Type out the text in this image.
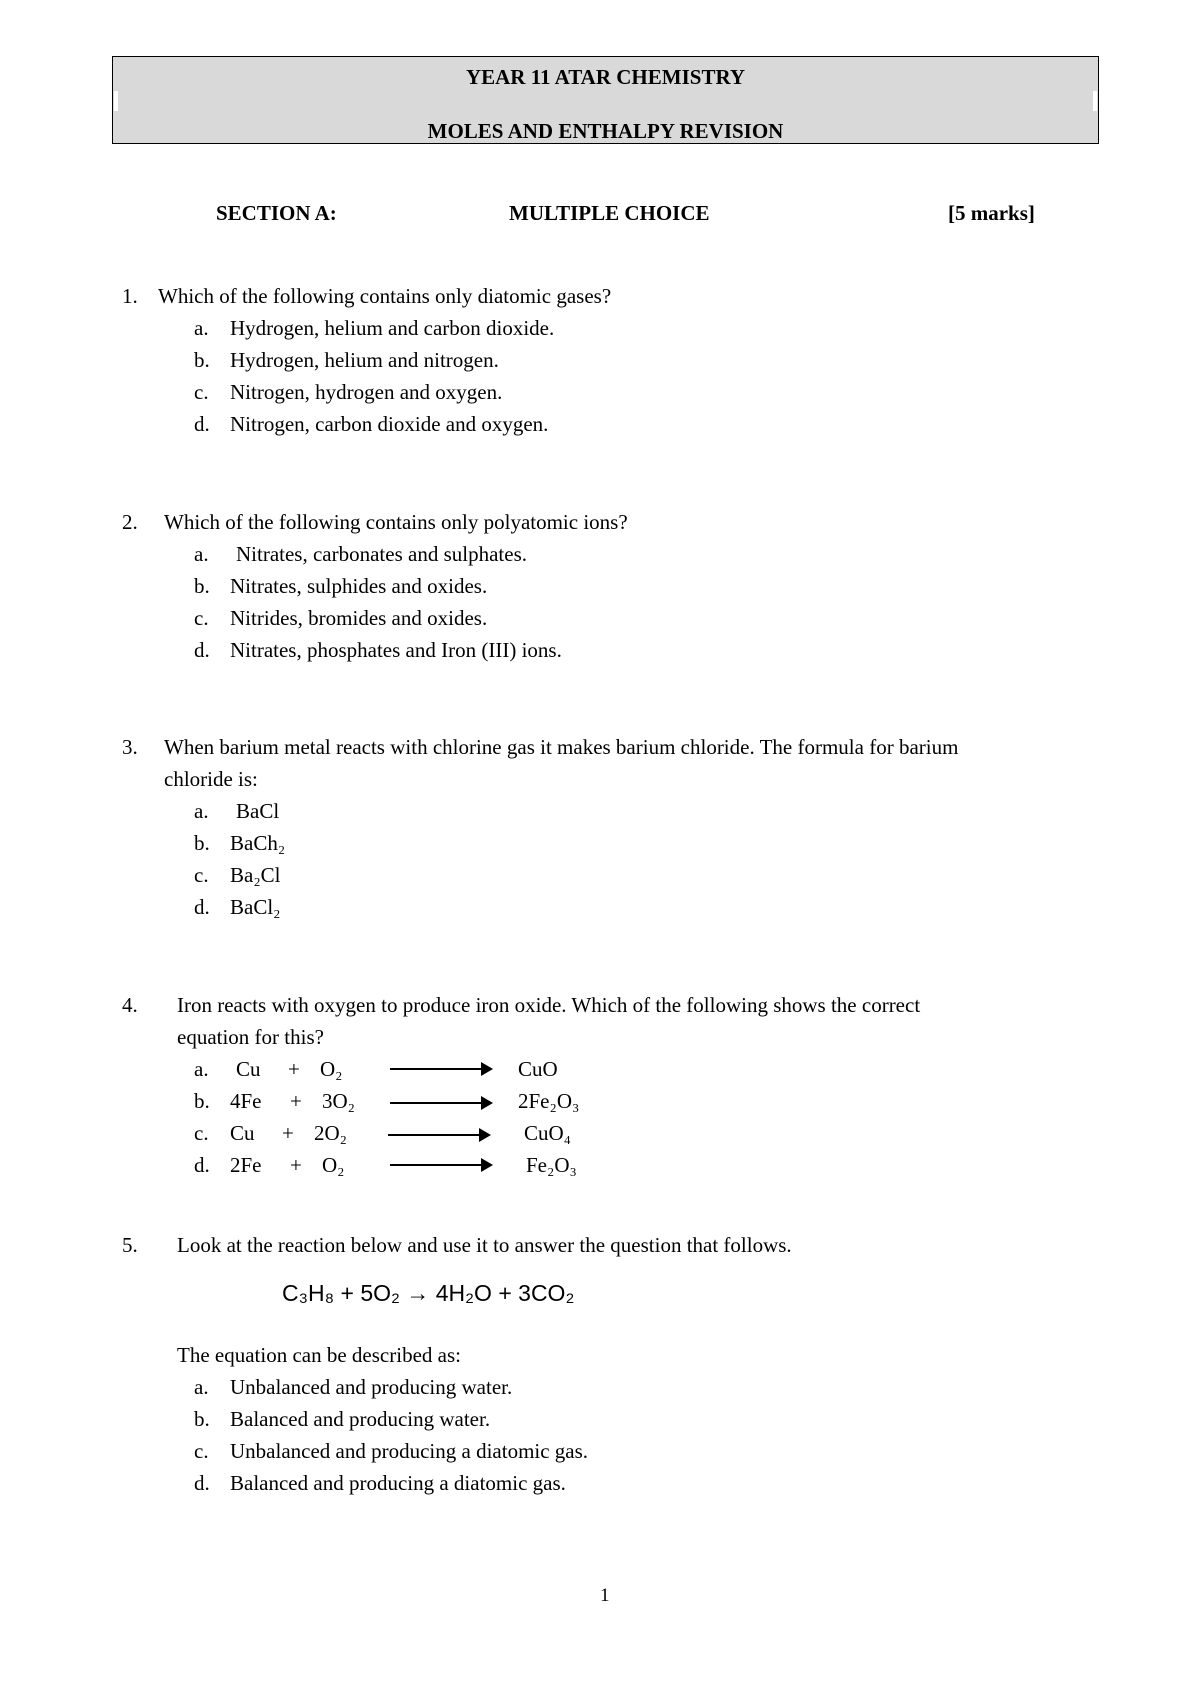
YEAR 11 ATAR CHEMISTRY
MOLES AND ENTHALPY REVISION
SECTION A:	MULTIPLE CHOICE	[5 marks]
1. Which of the following contains only diatomic gases?
a. Hydrogen, helium and carbon dioxide.
b. Hydrogen, helium and nitrogen.
c. Nitrogen, hydrogen and oxygen.
d. Nitrogen, carbon dioxide and oxygen.
2. Which of the following contains only polyatomic ions?
a. Nitrates, carbonates and sulphates.
b. Nitrates, sulphides and oxides.
c. Nitrides, bromides and oxides.
d. Nitrates, phosphates and Iron (III) ions.
3. When barium metal reacts with chlorine gas it makes barium chloride. The formula for barium
chloride is:
a. BaCl
b. BaCh₂
c. Ba₂Cl
d. BaCl₂
4. Iron reacts with oxygen to produce iron oxide. Which of the following shows the correct
equation for this?
a. Cu + O₂	CuO
b. 4Fe + 3O₂	2Fe₂O₃
c. Cu + 2O₂	CuO₄
d. 2Fe + O₂	Fe₂O₃
5. Look at the reaction below and use it to answer the question that follows.
C₃H₈ + 5O₂ → 4H₂O + 3CO₂
The equation can be described as:
a. Unbalanced and producing water.
b. Balanced and producing water.
c. Unbalanced and producing a diatomic gas.
d. Balanced and producing a diatomic gas.
1
